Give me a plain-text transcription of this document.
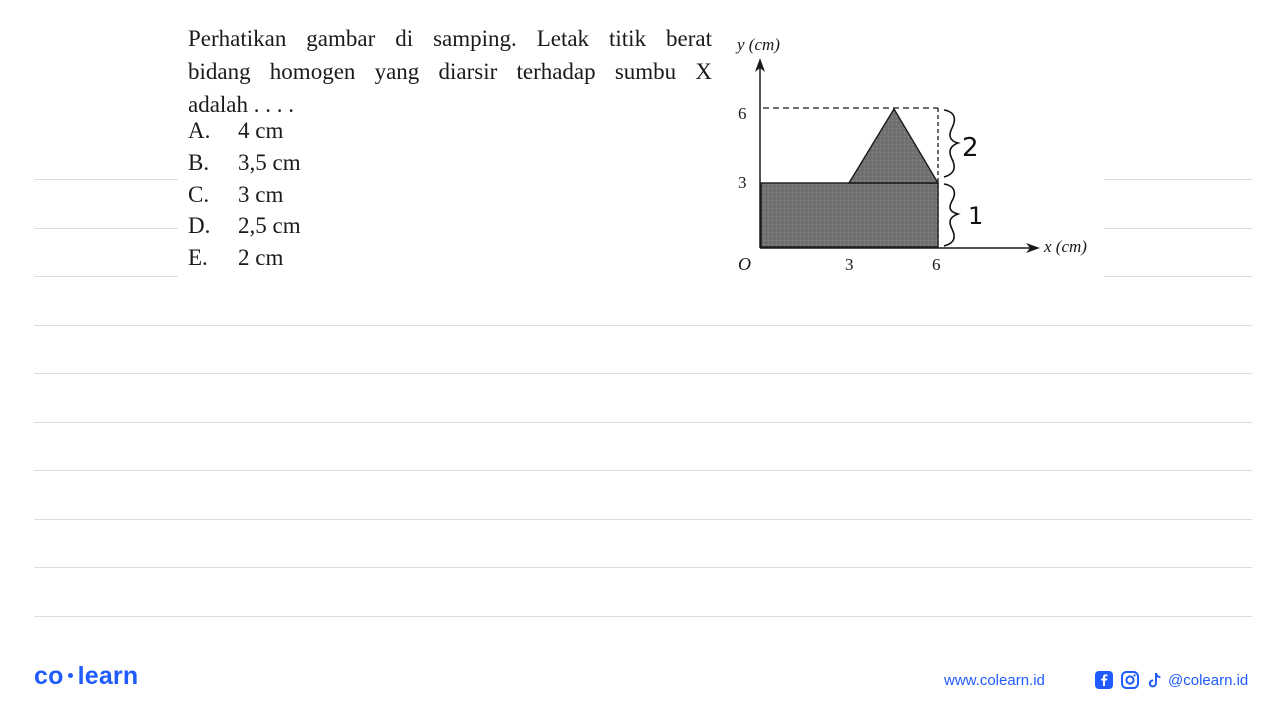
Perhatikan gambar di samping. Letak titik berat
bidang homogen yang diarsir terhadap sumbu X
adalah . . . .
A. 4 cm
B. 3,5 cm
C. 3 cm
D. 2,5 cm
E. 2 cm
y (cm)
x (cm)
6
3
O	3	6
2
1
co learn	www.colearn.id	@colearn.id
